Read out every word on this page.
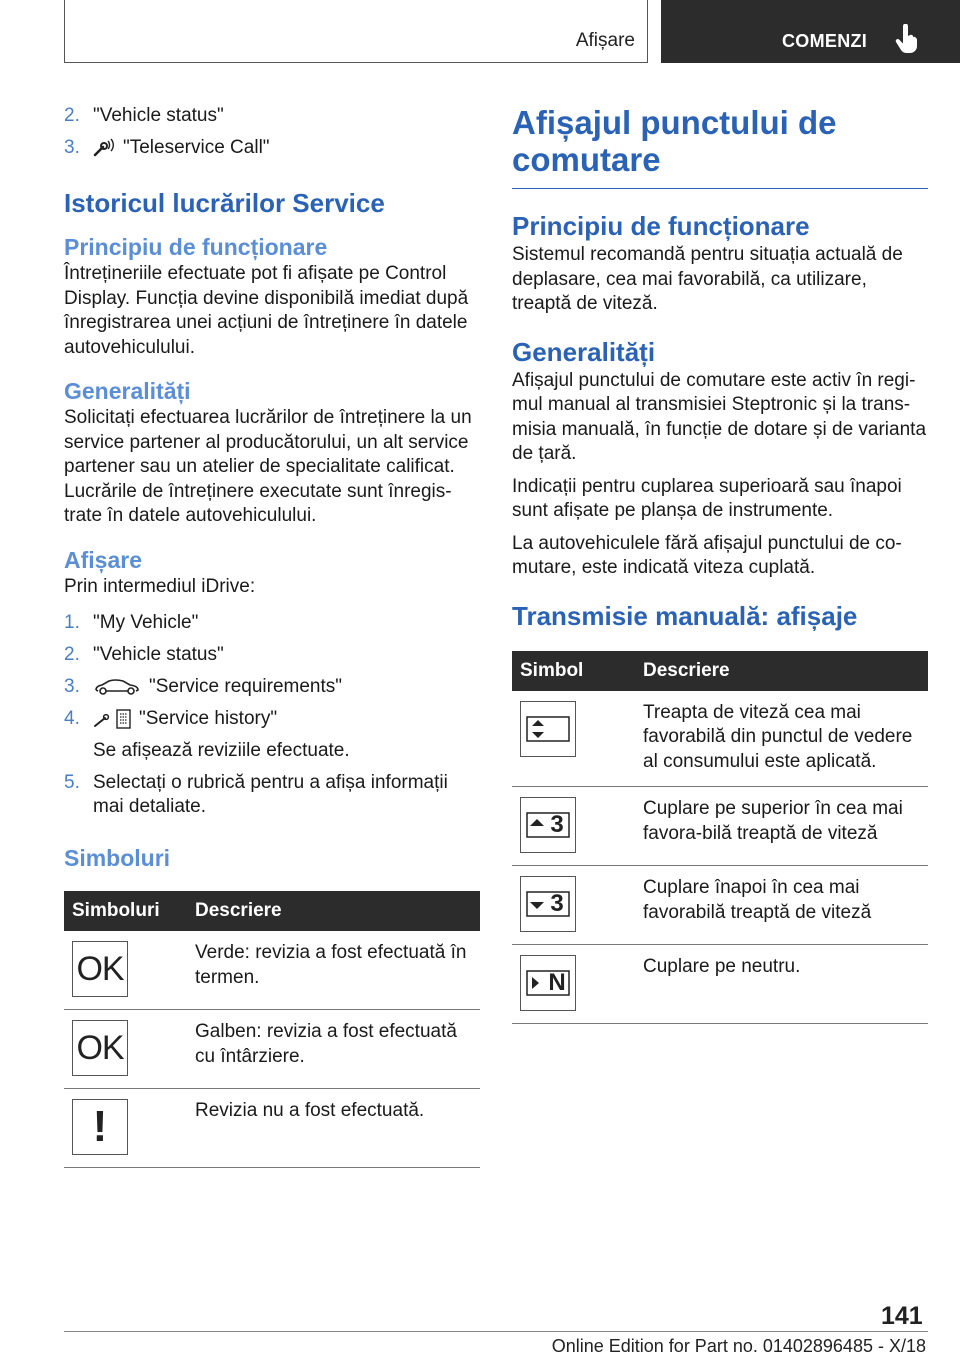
Afișare	COMENZI
2. "Vehicle status"
3.	"Teleservice Call"
Istoricul lucrărilor Service
Principiu de funcționare

Întrețineriile efectuate pot fi afișate pe Control Display. Funcția devine disponibilă imediat după înregistrarea unei acțiuni de întreținere în datele autovehiculului.

Generalități

Solicitați efectuarea lucrărilor de întreținere la un service partener al producătorului, un alt service partener sau un atelier de specialitate calificat. Lucrările de întreținere executate sunt înregis-trate în datele autovehiculului.

Afișare

Prin intermediul iDrive:

1. "My Vehicle"
2. "Vehicle status"
3.	"Service requirements"
4.	"Service history"
Se afișează reviziile efectuate.
5. Selectați o rubrică pentru a afișa informații mai detaliate.
Simboluri
Simboluri	Descriere

OK	Verde: revizia a fost efectuată în termen.

OK	Galben: revizia a fost efectuată cu întârziere.

!	Revizia nu a fost efectuată.
Afișajul punctului de comutare
Principiu de funcționare

Sistemul recomandă pentru situația actuală de deplasare, cea mai favorabilă, ca utilizare, treaptă de viteză.

Generalități

Afișajul punctului de comutare este activ în regi-mul manual al transmisiei Steptronic și la trans-misia manuală, în funcție de dotare și de varianta de țară.

Indicații pentru cuplarea superioară sau înapoi sunt afișate pe planșa de instrumente.

La autovehiculele fără afișajul punctului de co-mutare, este indicată viteza cuplată.

Transmisie manuală: afișaje
Simbol	Descriere

	Treapta de viteză cea mai favorabilă din punctul de vedere al consumului este aplicată.

3	Cuplare pe superior în cea mai favora-bilă treaptă de viteză

3	Cuplare înapoi în cea mai favorabilă treaptă de viteză

N	Cuplare pe neutru.
141
Online Edition for Part no. 01402896485 - X/18
